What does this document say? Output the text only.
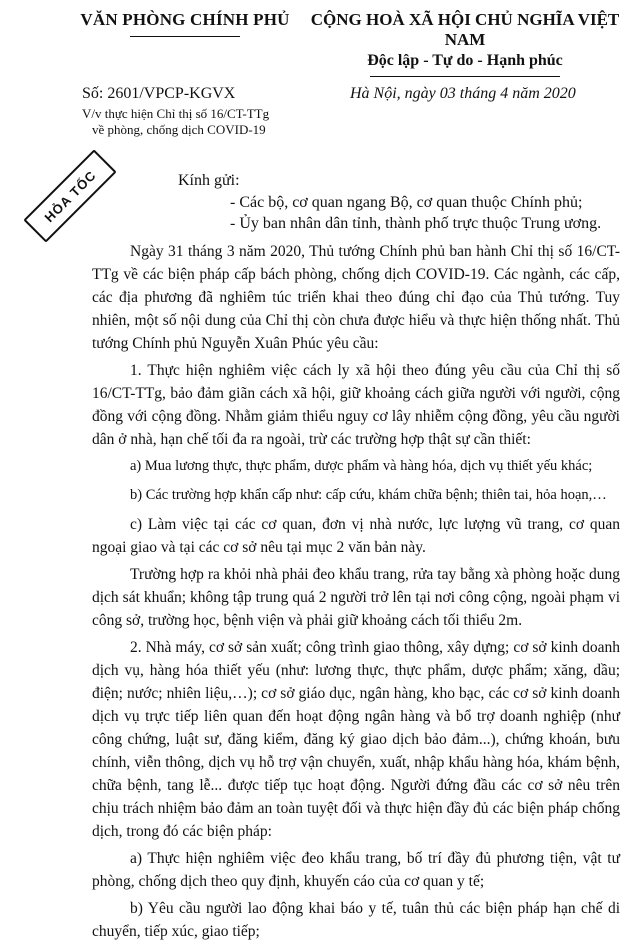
VĂN PHÒNG CHÍNH PHỦ	CỘNG HOÀ XÃ HỘI CHỦ NGHĨA VIỆT NAM
Độc lập - Tự do - Hạnh phúc
Số: 2601/VPCP-KGVX
V/v thực hiện Chỉ thị số 16/CT-TTg
về phòng, chống dịch COVID-19
Hà Nội, ngày 03 tháng 4 năm 2020
HỎA TỐC	Kính gửi:
- Các bộ, cơ quan ngang Bộ, cơ quan thuộc Chính phủ;
- Ủy ban nhân dân tỉnh, thành phố trực thuộc Trung ương.

Ngày 31 tháng 3 năm 2020, Thủ tướng Chính phủ ban hành Chỉ thị số 16/CT-TTg về các biện pháp cấp bách phòng, chống dịch COVID-19. Các ngành, các cấp, các địa phương đã nghiêm túc triển khai theo đúng chỉ đạo của Thủ tướng. Tuy nhiên, một số nội dung của Chỉ thị còn chưa được hiểu và thực hiện thống nhất. Thủ tướng Chính phủ Nguyễn Xuân Phúc yêu cầu:

1. Thực hiện nghiêm việc cách ly xã hội theo đúng yêu cầu của Chỉ thị số 16/CT-TTg, bảo đảm giãn cách xã hội, giữ khoảng cách giữa người với người, cộng đồng với cộng đồng. Nhằm giảm thiểu nguy cơ lây nhiễm cộng đồng, yêu cầu người dân ở nhà, hạn chế tối đa ra ngoài, trừ các trường hợp thật sự cần thiết:

a) Mua lương thực, thực phẩm, dược phẩm và hàng hóa, dịch vụ thiết yếu khác;

b) Các trường hợp khẩn cấp như: cấp cứu, khám chữa bệnh; thiên tai, hỏa hoạn,…

c) Làm việc tại các cơ quan, đơn vị nhà nước, lực lượng vũ trang, cơ quan ngoại giao và tại các cơ sở nêu tại mục 2 văn bản này.

Trường hợp ra khỏi nhà phải đeo khẩu trang, rửa tay bằng xà phòng hoặc dung dịch sát khuẩn; không tập trung quá 2 người trở lên tại nơi công cộng, ngoài phạm vi công sở, trường học, bệnh viện và phải giữ khoảng cách tối thiểu 2m.

2. Nhà máy, cơ sở sản xuất; công trình giao thông, xây dựng; cơ sở kinh doanh dịch vụ, hàng hóa thiết yếu (như: lương thực, thực phẩm, dược phẩm; xăng, dầu; điện; nước; nhiên liệu,…); cơ sở giáo dục, ngân hàng, kho bạc, các cơ sở kinh doanh dịch vụ trực tiếp liên quan đến hoạt động ngân hàng và bổ trợ doanh nghiệp (như công chứng, luật sư, đăng kiểm, đăng ký giao dịch bảo đảm...), chứng khoán, bưu chính, viễn thông, dịch vụ hỗ trợ vận chuyển, xuất, nhập khẩu hàng hóa, khám bệnh, chữa bệnh, tang lễ... được tiếp tục hoạt động. Người đứng đầu các cơ sở nêu trên chịu trách nhiệm bảo đảm an toàn tuyệt đối và thực hiện đầy đủ các biện pháp chống dịch, trong đó các biện pháp:

a) Thực hiện nghiêm việc đeo khẩu trang, bố trí đầy đủ phương tiện, vật tư phòng, chống dịch theo quy định, khuyến cáo của cơ quan y tế;

b) Yêu cầu người lao động khai báo y tế, tuân thủ các biện pháp hạn chế di chuyển, tiếp xúc, giao tiếp;
